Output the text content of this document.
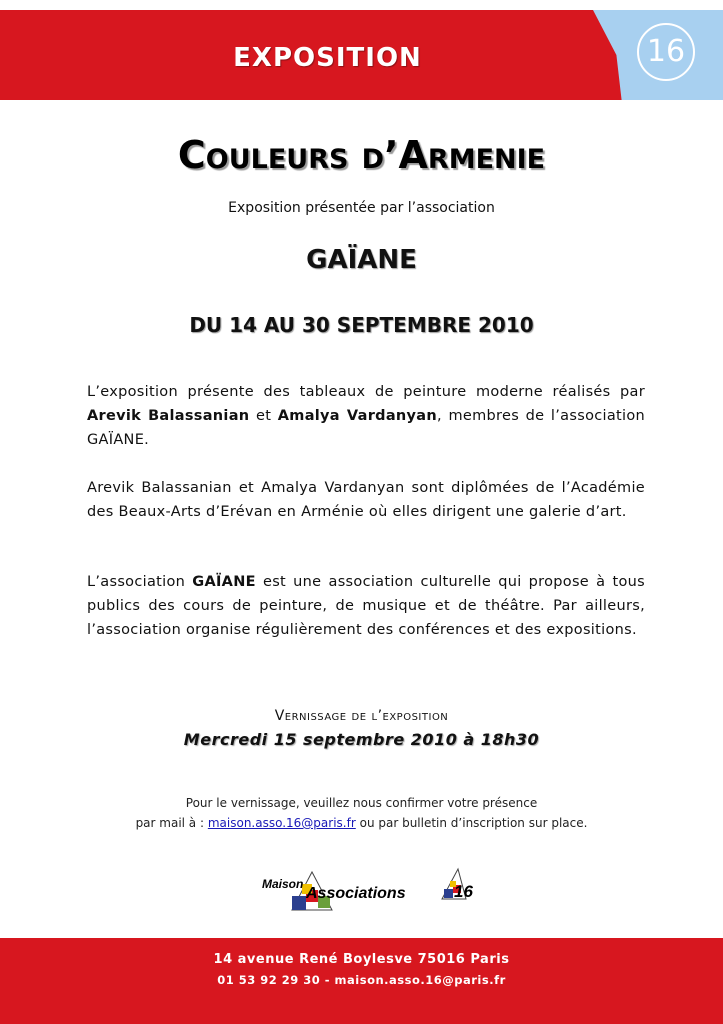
EXPOSITION	16
Couleurs d’Armenie
Exposition présentée par l’association
GAÏANE
DU 14 AU 30 SEPTEMBRE 2010
L’exposition présente des tableaux de peinture moderne réalisés par Arevik Balassanian et Amalya Vardanyan, membres de l’association GAÏANE.
Arevik Balassanian et Amalya Vardanyan sont diplômées de l’Académie des Beaux-Arts d’Erévan en Arménie où elles dirigent une galerie d’art.
L’association GAÏANE est une association culturelle qui propose à tous publics des cours de peinture, de musique et de théâtre. Par ailleurs, l’association organise régulièrement des conférences et des expositions.
Vernissage de l’exposition
Mercredi 15 septembre 2010 à 18h30
Pour le vernissage, veuillez nous confirmer votre présence
par mail à : maison.asso.16@paris.fr ou par bulletin d’inscription sur place.
Maison
Associations	16
14 avenue René Boylesve 75016 Paris
01 53 92 29 30 - maison.asso.16@paris.fr
